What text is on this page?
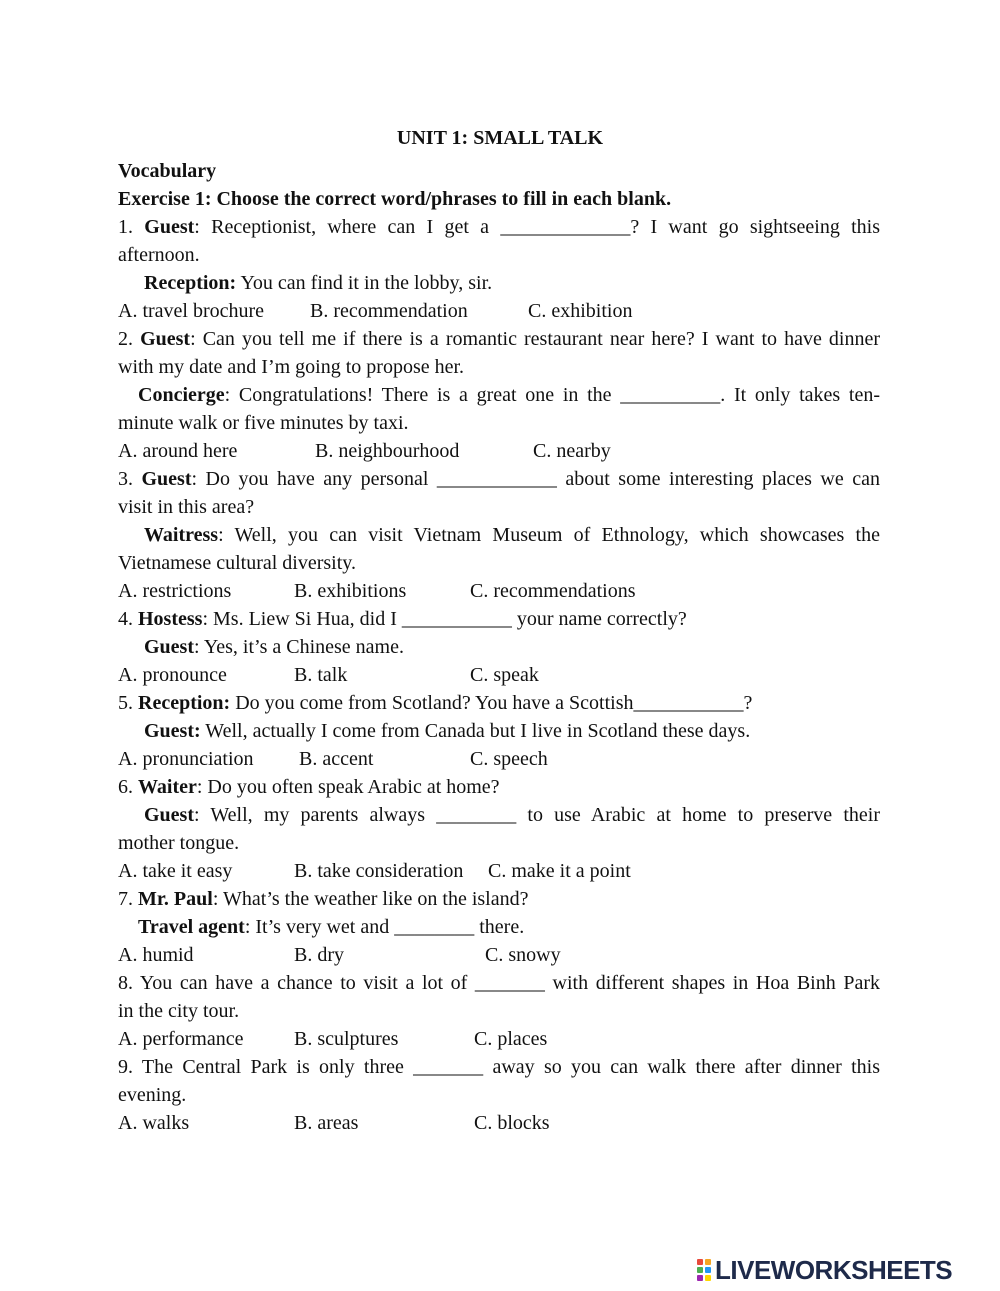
UNIT 1: SMALL TALK

Vocabulary

Exercise 1: Choose the correct word/phrases to fill in each blank.

1. Guest: Receptionist, where can I get a _____________? I want go sightseeing this

afternoon.

Reception: You can find it in the lobby, sir.

A. travel brochure	B. recommendation	C. exhibition

2. Guest: Can you tell me if there is a romantic restaurant near here? I want to have dinner

with my date and I’m going to propose her.

Concierge: Congratulations! There is a great one in the __________. It only takes ten-

minute walk or five minutes by taxi.

A. around here	B. neighbourhood	C. nearby

3. Guest: Do you have any personal ____________ about some interesting places we can

visit in this area?

Waitress: Well, you can visit Vietnam Museum of Ethnology, which showcases the

Vietnamese cultural diversity.

A. restrictions	B. exhibitions	C. recommendations

4. Hostess: Ms. Liew Si Hua, did I ___________ your name correctly?

Guest: Yes, it’s a Chinese name.

A. pronounce	B. talk	C. speak

5. Reception: Do you come from Scotland? You have a Scottish___________?

Guest: Well, actually I come from Canada but I live in Scotland these days.

A. pronunciation	B. accent	C. speech

6. Waiter: Do you often speak Arabic at home?

Guest: Well, my parents always ________ to use Arabic at home to preserve their

mother tongue.

A. take it easy	B. take consideration	C. make it a point

7. Mr. Paul: What’s the weather like on the island?

Travel agent: It’s very wet and ________ there.

A. humid	B. dry	C. snowy

8. You can have a chance to visit a lot of _______ with different shapes in Hoa Binh Park

in the city tour.

A. performance	B. sculptures	C. places

9. The Central Park is only three _______ away so you can walk there after dinner this

evening.

A. walks	B. areas	C. blocks

LIVEWORKSHEETS
